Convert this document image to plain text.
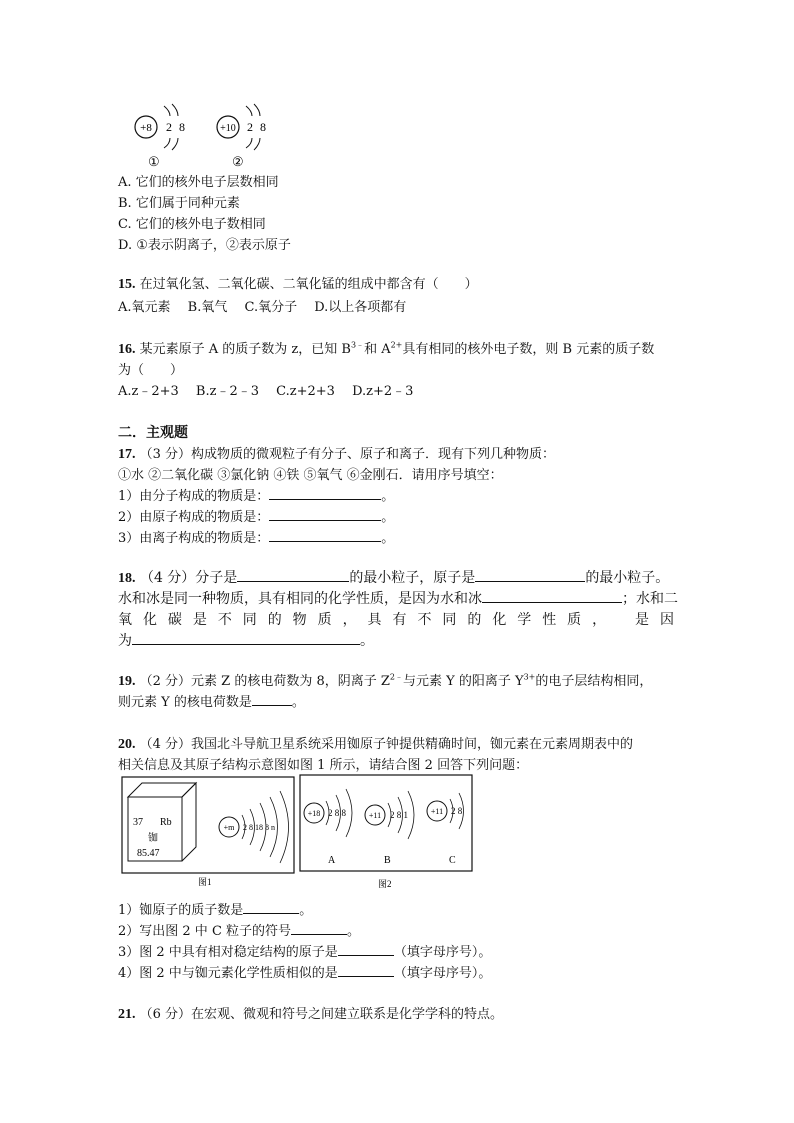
+8 2 8
①
+10 2 8
②
A. 它们的核外电子层数相同
B. 它们属于同种元素
C. 它们的核外电子数相同
D. ①表示阴离子，②表示原子
15. 在过氧化氢、二氧化碳、二氧化锰的组成中都含有（　　）
A.氧元素　 B.氧气　 C.氧分子　 D.以上各项都有
16. 某元素原子 A 的质子数为 z，已知 $B^{3﹣}$和 $A^{2+}$具有相同的核外电子数，则 B 元素的质子数
为（　　）
A.z﹣2+3　 B.z﹣2﹣3　 C.z+2+3　 D.z+2﹣3
二．主观题
17. （3 分）构成物质的微观粒子有分子、原子和离子．现有下列几种物质：
①水 ②二氧化碳 ③氯化钠 ④铁 ⑤氧气 ⑥金刚石．请用序号填空：
1）由分子构成的物质是：	。
2）由原子构成的物质是：	。
3）由离子构成的物质是：	。
18. （4 分）分子是	的最小粒子，原子是	的最小粒子。
水和冰是同一种物质，具有相同的化学性质，是因为水和冰	；水和二
氧化碳是不同的物质，具有不同的化学性质，　是因
为	。
19. （2 分）元素 Z 的核电荷数为 8，阴离子 $Z^{2﹣}$与元素 Y 的阳离子 $Y^{3+}$的电子层结构相同，
则元素 Y 的核电荷数是	。
20. （4 分）我国北斗导航卫星系统采用铷原子钟提供精确时间，铷元素在元素周期表中的
相关信息及其原子结构示意图如图 1 所示，请结合图 2 回答下列问题：
37 Rb
铷
85.47
+m 2 8 18 8 n
图1
+18 2 8 8
A
+11 2 8 1
B
+11 2 8
C
图2
1）铷原子的质子数是	。
2）写出图 2 中 C 粒子的符号	。
3）图 2 中具有相对稳定结构的原子是	（填字母序号）。
4）图 2 中与铷元素化学性质相似的是	（填字母序号）。
21. （6 分）在宏观、微观和符号之间建立联系是化学学科的特点。
